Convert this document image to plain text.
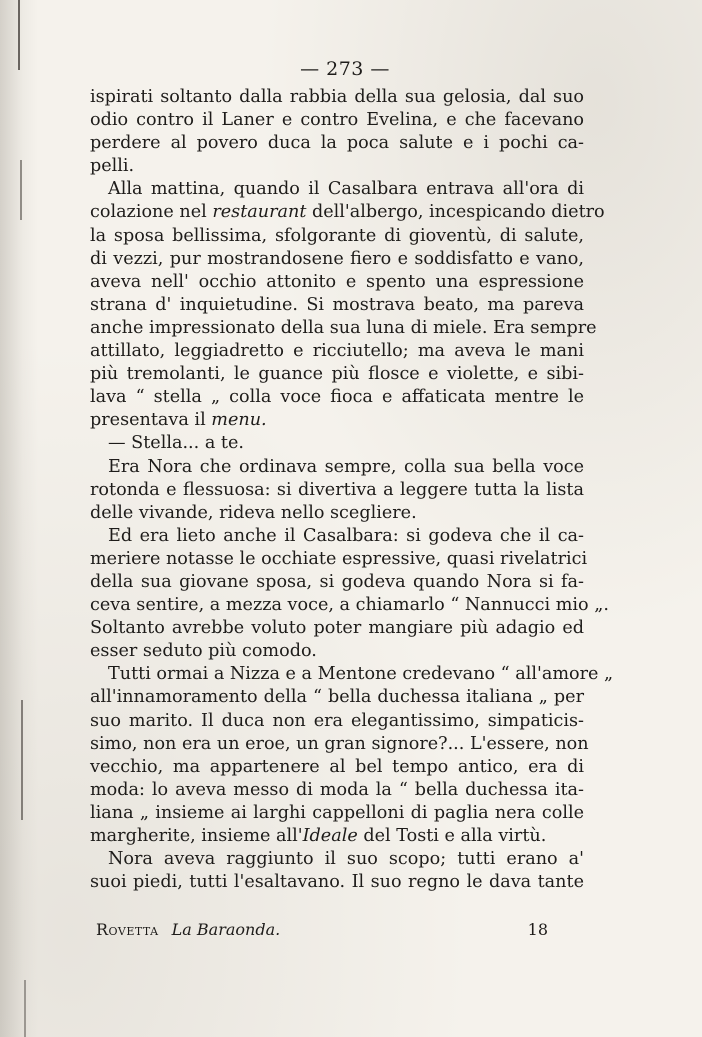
— 273 —
ispirati soltanto dalla rabbia della sua gelosia, dal suo
odio contro il Laner e contro Evelina, e che facevano
perdere al povero duca la poca salute e i pochi ca-
pelli.
Alla mattina, quando il Casalbara entrava all'ora di
colazione nel restaurant dell'albergo, incespicando dietro
la sposa bellissima, sfolgorante di gioventù, di salute,
di vezzi, pur mostrandosene fiero e soddisfatto e vano,
aveva nell' occhio attonito e spento una espressione
strana d' inquietudine. Si mostrava beato, ma pareva
anche impressionato della sua luna di miele. Era sempre
attillato, leggiadretto e ricciutello; ma aveva le mani
più tremolanti, le guance più flosce e violette, e sibi-
lava “ stella „ colla voce fioca e affaticata mentre le
presentava il menu.
— Stella... a te.
Era Nora che ordinava sempre, colla sua bella voce
rotonda e flessuosa: si divertiva a leggere tutta la lista
delle vivande, rideva nello scegliere.
Ed era lieto anche il Casalbara: si godeva che il ca-
meriere notasse le occhiate espressive, quasi rivelatrici
della sua giovane sposa, si godeva quando Nora si fa-
ceva sentire, a mezza voce, a chiamarlo “ Nannucci mio „.
Soltanto avrebbe voluto poter mangiare più adagio ed
esser seduto più comodo.
Tutti ormai a Nizza e a Mentone credevano “ all'amore „
all'innamoramento della “ bella duchessa italiana „ per
suo marito. Il duca non era elegantissimo, simpaticis-
simo, non era un eroe, un gran signore?... L'essere, non
vecchio, ma appartenere al bel tempo antico, era di
moda: lo aveva messo di moda la “ bella duchessa ita-
liana „ insieme ai larghi cappelloni di paglia nera colle
margherite, insieme all'Ideale del Tosti e alla virtù.
Nora aveva raggiunto il suo scopo; tutti erano a'
suoi piedi, tutti l'esaltavano. Il suo regno le dava tante
Rovetta La Baraonda.	18
